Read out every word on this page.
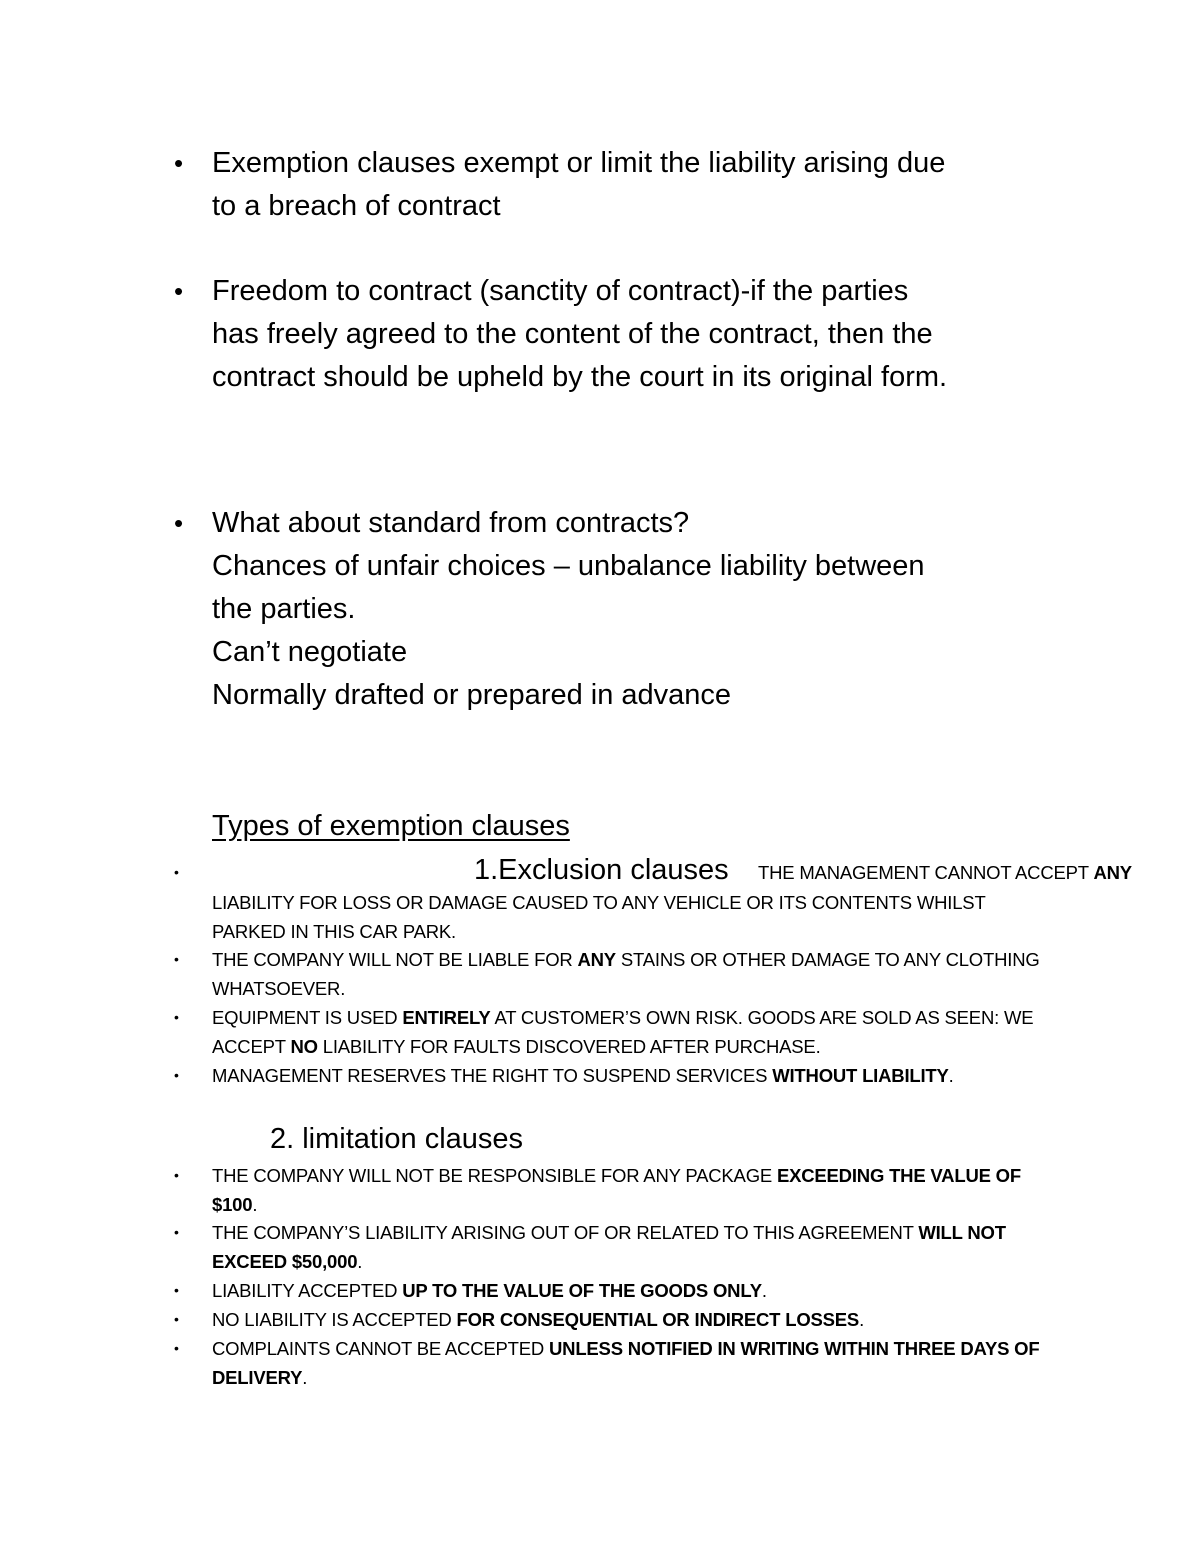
• Exemption clauses exempt or limit the liability arising due
to a breach of contract
• Freedom to contract (sanctity of contract)-if the parties
has freely agreed to the content of the contract, then the
contract should be upheld by the court in its original form.
• What about standard from contracts?
Chances of unfair choices – unbalance liability between
the parties.
Can’t negotiate
Normally drafted or prepared in advance
Types of exemption clauses
•	1.Exclusion clauses THE MANAGEMENT CANNOT ACCEPT ANY
LIABILITY FOR LOSS OR DAMAGE CAUSED TO ANY VEHICLE OR ITS CONTENTS WHILST PARKED IN THIS CAR PARK.
• THE COMPANY WILL NOT BE LIABLE FOR ANY STAINS OR OTHER DAMAGE TO ANY CLOTHING WHATSOEVER.
• EQUIPMENT IS USED ENTIRELY AT CUSTOMER’S OWN RISK. GOODS ARE SOLD AS SEEN: WE ACCEPT NO LIABILITY FOR FAULTS DISCOVERED AFTER PURCHASE.
• MANAGEMENT RESERVES THE RIGHT TO SUSPEND SERVICES WITHOUT LIABILITY.
2. limitation clauses
• THE COMPANY WILL NOT BE RESPONSIBLE FOR ANY PACKAGE EXCEEDING THE VALUE OF $100.
• THE COMPANY’S LIABILITY ARISING OUT OF OR RELATED TO THIS AGREEMENT WILL NOT EXCEED $50,000.
• LIABILITY ACCEPTED UP TO THE VALUE OF THE GOODS ONLY.
• NO LIABILITY IS ACCEPTED FOR CONSEQUENTIAL OR INDIRECT LOSSES.
• COMPLAINTS CANNOT BE ACCEPTED UNLESS NOTIFIED IN WRITING WITHIN THREE DAYS OF DELIVERY.
